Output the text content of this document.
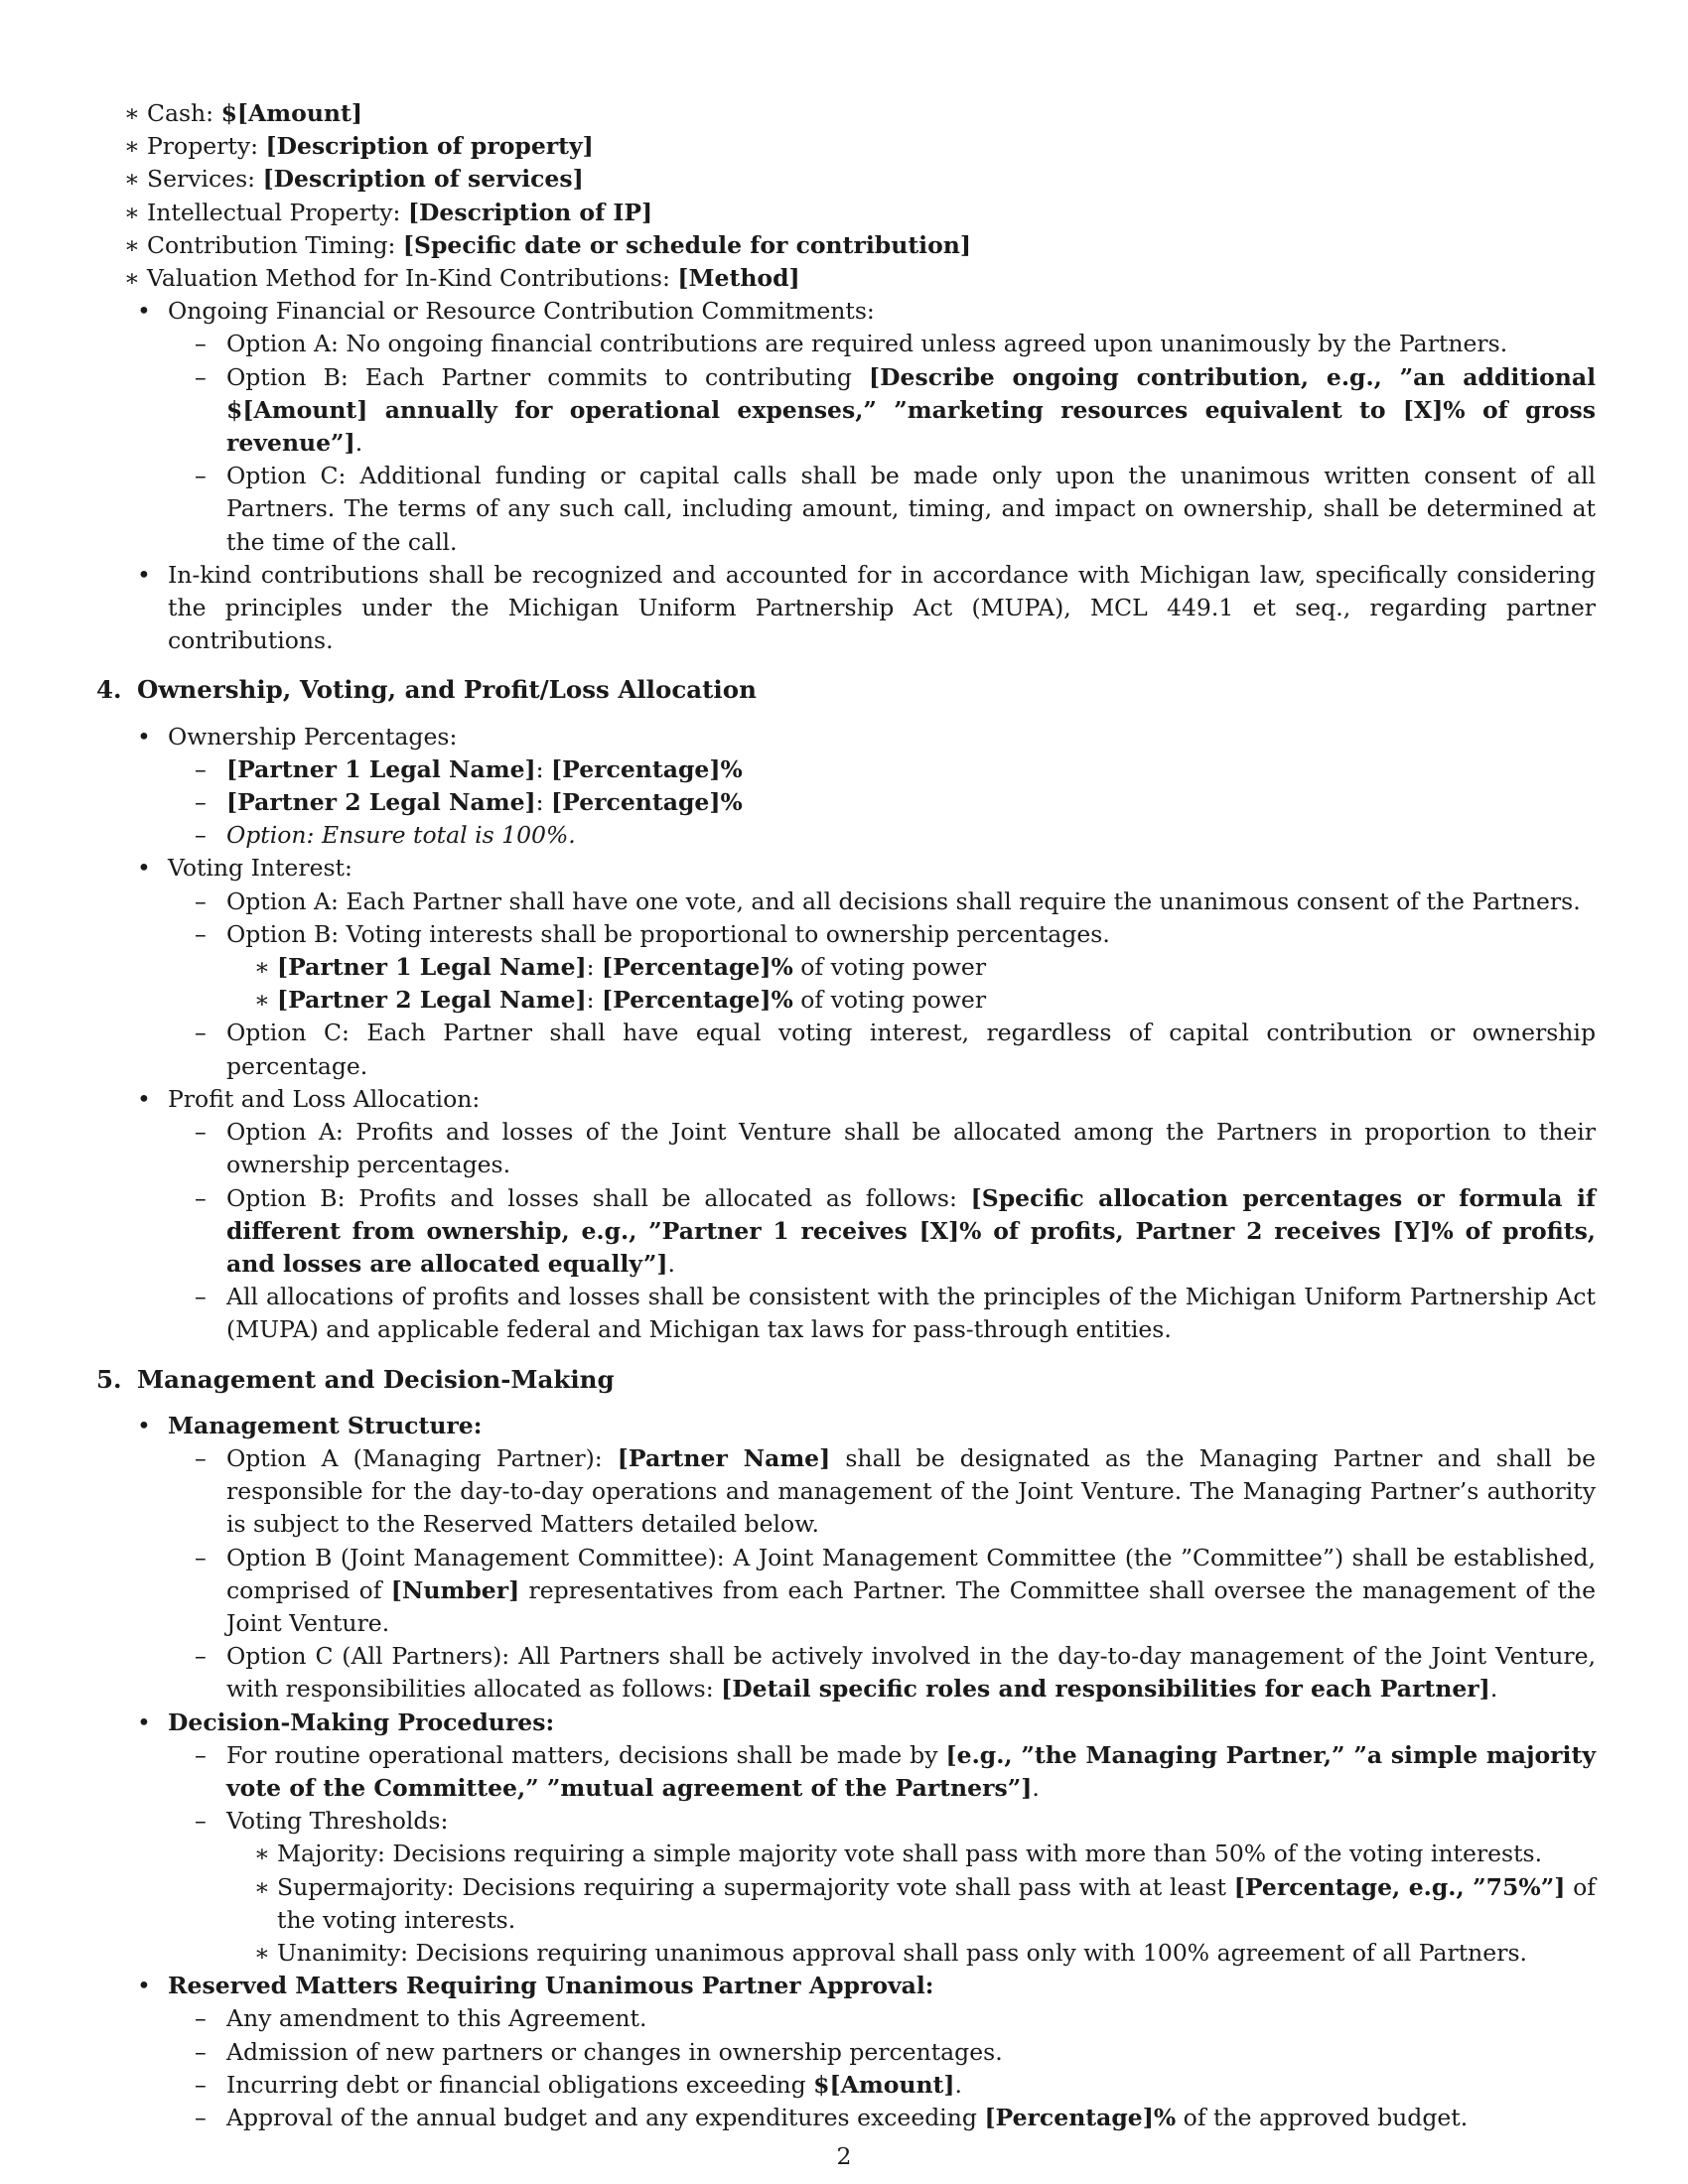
∗ Cash: $[Amount]
∗ Property: [Description of property]
∗ Services: [Description of services]
∗ Intellectual Property: [Description of IP]
∗ Contribution Timing: [Specific date or schedule for contribution]
∗ Valuation Method for In-Kind Contributions: [Method]
• Ongoing Financial or Resource Contribution Commitments:
– Option A: No ongoing financial contributions are required unless agreed upon unanimously by the Partners.
– Option B: Each Partner commits to contributing [Describe ongoing contribution, e.g., ”an additional $[Amount] annually for operational expenses,” ”marketing resources equivalent to [X]% of gross revenue”].
– Option C: Additional funding or capital calls shall be made only upon the unanimous written consent of all Partners. The terms of any such call, including amount, timing, and impact on ownership, shall be determined at the time of the call.
• In-kind contributions shall be recognized and accounted for in accordance with Michigan law, specifically considering the principles under the Michigan Uniform Partnership Act (MUPA), MCL 449.1 et seq., regarding partner contributions.
4. Ownership, Voting, and Profit/Loss Allocation
• Ownership Percentages:
– [Partner 1 Legal Name]: [Percentage]%
– [Partner 2 Legal Name]: [Percentage]%
– Option: Ensure total is 100%.
• Voting Interest:
– Option A: Each Partner shall have one vote, and all decisions shall require the unanimous consent of the Partners.
– Option B: Voting interests shall be proportional to ownership percentages.
∗ [Partner 1 Legal Name]: [Percentage]% of voting power
∗ [Partner 2 Legal Name]: [Percentage]% of voting power
– Option C: Each Partner shall have equal voting interest, regardless of capital contribution or ownership percentage.
• Profit and Loss Allocation:
– Option A: Profits and losses of the Joint Venture shall be allocated among the Partners in proportion to their ownership percentages.
– Option B: Profits and losses shall be allocated as follows: [Specific allocation percentages or formula if different from ownership, e.g., ”Partner 1 receives [X]% of profits, Partner 2 receives [Y]% of profits, and losses are allocated equally”].
– All allocations of profits and losses shall be consistent with the principles of the Michigan Uniform Partnership Act (MUPA) and applicable federal and Michigan tax laws for pass-through entities.
5. Management and Decision-Making
• Management Structure:
– Option A (Managing Partner): [Partner Name] shall be designated as the Managing Partner and shall be responsible for the day-to-day operations and management of the Joint Venture. The Managing Partner’s authority is subject to the Reserved Matters detailed below.
– Option B (Joint Management Committee): A Joint Management Committee (the ”Committee”) shall be established, comprised of [Number] representatives from each Partner. The Committee shall oversee the management of the Joint Venture.
– Option C (All Partners): All Partners shall be actively involved in the day-to-day management of the Joint Venture, with responsibilities allocated as follows: [Detail specific roles and responsibilities for each Partner].
• Decision-Making Procedures:
– For routine operational matters, decisions shall be made by [e.g., ”the Managing Partner,” ”a simple majority vote of the Committee,” ”mutual agreement of the Partners”].
– Voting Thresholds:
∗ Majority: Decisions requiring a simple majority vote shall pass with more than 50% of the voting interests.
∗ Supermajority: Decisions requiring a supermajority vote shall pass with at least [Percentage, e.g., ”75%”] of the voting interests.
∗ Unanimity: Decisions requiring unanimous approval shall pass only with 100% agreement of all Partners.
• Reserved Matters Requiring Unanimous Partner Approval:
– Any amendment to this Agreement.
– Admission of new partners or changes in ownership percentages.
– Incurring debt or financial obligations exceeding $[Amount].
– Approval of the annual budget and any expenditures exceeding [Percentage]% of the approved budget.
2
